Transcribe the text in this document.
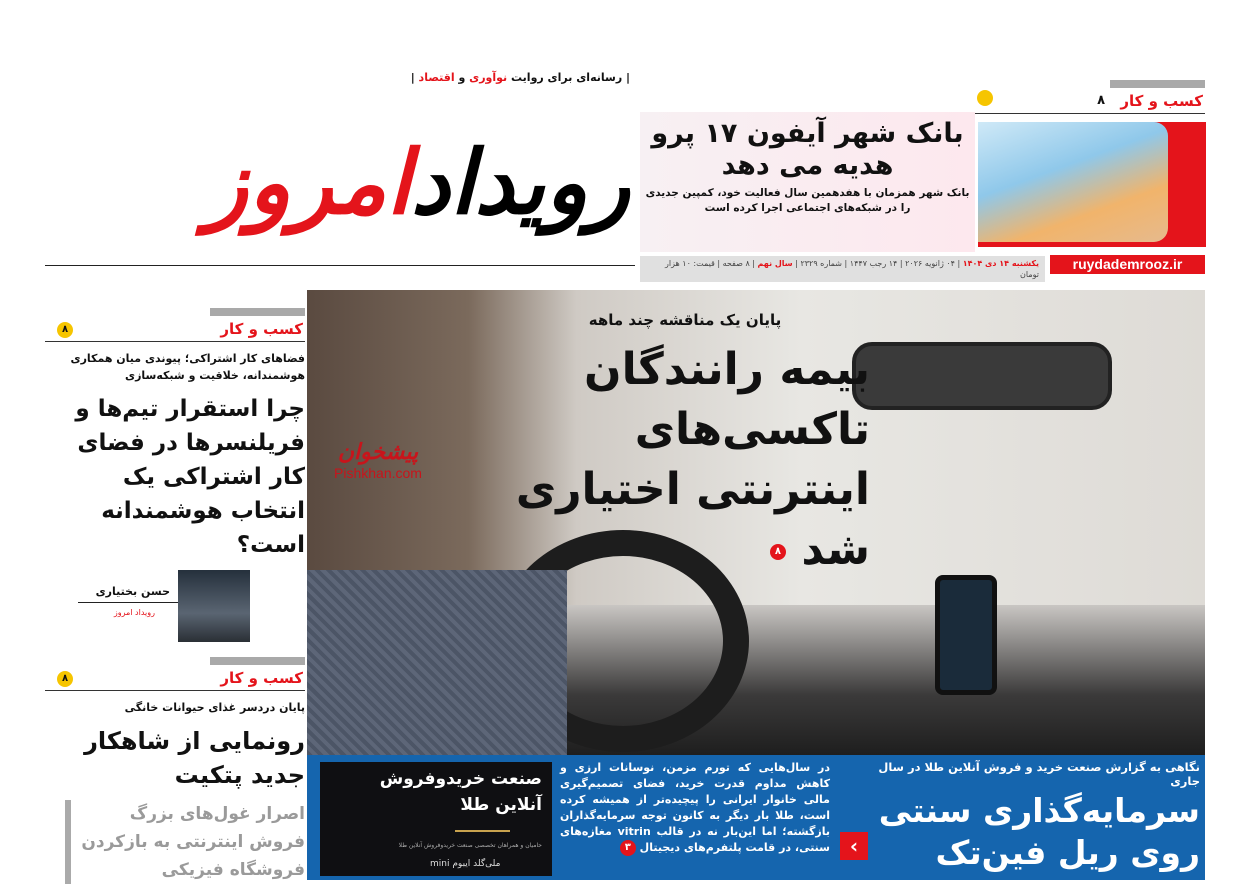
رویدادامروز
| رسانه‌ای برای روایت نوآوری و اقتصاد |
کسب و کار
۸
بانک شهر آیفون ۱۷ پرو هدیه می دهد

بانک شهر همزمان با هفدهمین سال فعالیت خود، کمپین جدیدی را در شبکه‌های اجتماعی اجرا کرده است

یکشنبه ۱۴ دی ۱۴۰۴ | ۰۴ ژانویه ۲۰۲۶ | ۱۴ رجب ۱۴۴۷ | شماره ۲۳۲۹ | سال نهم | ۸ صفحه | قیمت: ۱۰ هزار تومان
ruydademrooz.ir
پایان یک مناقشه چند ماهه
بیمه رانندگان تاکسی‌های اینترنتی اختیاری شد ۸
پیشخوان
Pishkhan.com
نگاهی به گزارش صنعت خرید و فروش آنلاین طلا در سال جاری
سرمایه‌گذاری سنتی روی ریل فین‌تک
‹
در سال‌هایی که تورم مزمن، نوسانات ارزی و کاهش مداوم قدرت خرید، فضای تصمیم‌گیری مالی خانوار ایرانی را پیچیده‌تر از همیشه کرده است، طلا بار دیگر به کانون توجه سرمایه‌گذاران بازگشته؛ اما این‌بار نه در قالب vitrin مغازه‌های سنتی، در قامت پلتفرم‌های دیجیتال ۳
صنعت خریدوفروش آنلاین طلا
حامیان و همراهان تخصصی صنعت خریدوفروش آنلاین طلا
ملی‌گلد ایبوم mini
کسب و کار
۸
فضاهای کار اشتراکی؛ پیوندی میان همکاری هوشمندانه، خلاقیت و شبکه‌سازی
چرا استقرار تیم‌ها و فریلنسرها در فضای کار اشتراکی یک انتخاب هوشمندانه است؟
حسن بختیاری
رویداد امروز
کسب و کار
۸
پایان دردسر غذای حیوانات خانگی
رونمایی از شاهکار جدید پتکیت
اصرار غول‌های بزرگ فروش اینترنتی به بازکردن فروشگاه فیزیکی
